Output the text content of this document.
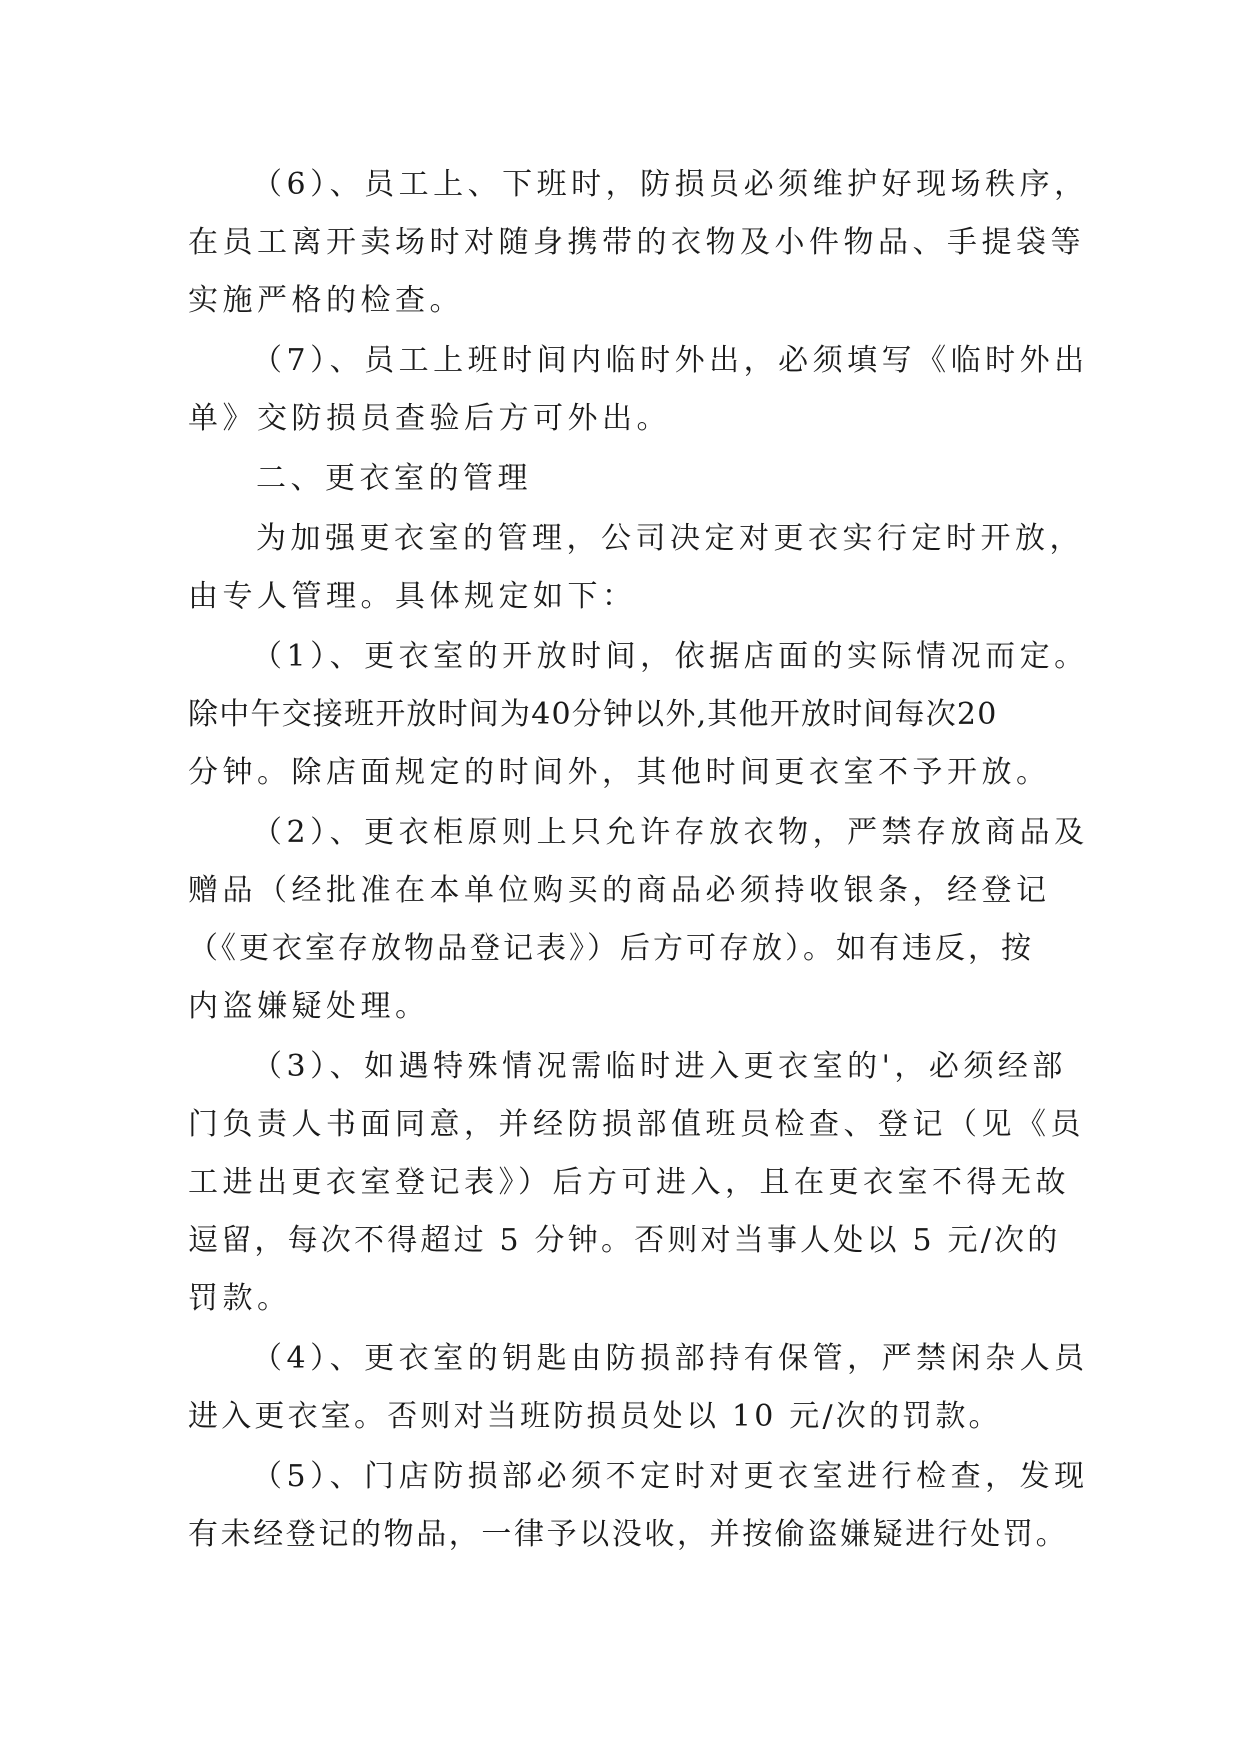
（6）、员工上、下班时，防损员必须维护好现场秩序，
在员工离开卖场时对随身携带的衣物及小件物品、手提袋等
实施严格的检查。
（7）、员工上班时间内临时外出，必须填写《临时外出
单》交防损员查验后方可外出。
二、更衣室的管理
为加强更衣室的管理，公司决定对更衣实行定时开放，
由专人管理。具体规定如下：
（1）、更衣室的开放时间，依据店面的实际情况而定。
除中午交接班开放时间为40分钟以外,其他开放时间每次20
分钟。除店面规定的时间外，其他时间更衣室不予开放。
（2）、更衣柜原则上只允许存放衣物，严禁存放商品及
赠品（经批准在本单位购买的商品必须持收银条，经登记
（《更衣室存放物品登记表》）后方可存放）。如有违反，按
内盗嫌疑处理。
（3）、如遇特殊情况需临时进入更衣室的'，必须经部
门负责人书面同意，并经防损部值班员检查、登记（见《员
工进出更衣室登记表》）后方可进入，且在更衣室不得无故
逗留，每次不得超过 5 分钟。否则对当事人处以 5 元/次的
罚款。
（4）、更衣室的钥匙由防损部持有保管，严禁闲杂人员
进入更衣室。否则对当班防损员处以 10 元/次的罚款。
（5）、门店防损部必须不定时对更衣室进行检查，发现
有未经登记的物品，一律予以没收，并按偷盗嫌疑进行处罚。
